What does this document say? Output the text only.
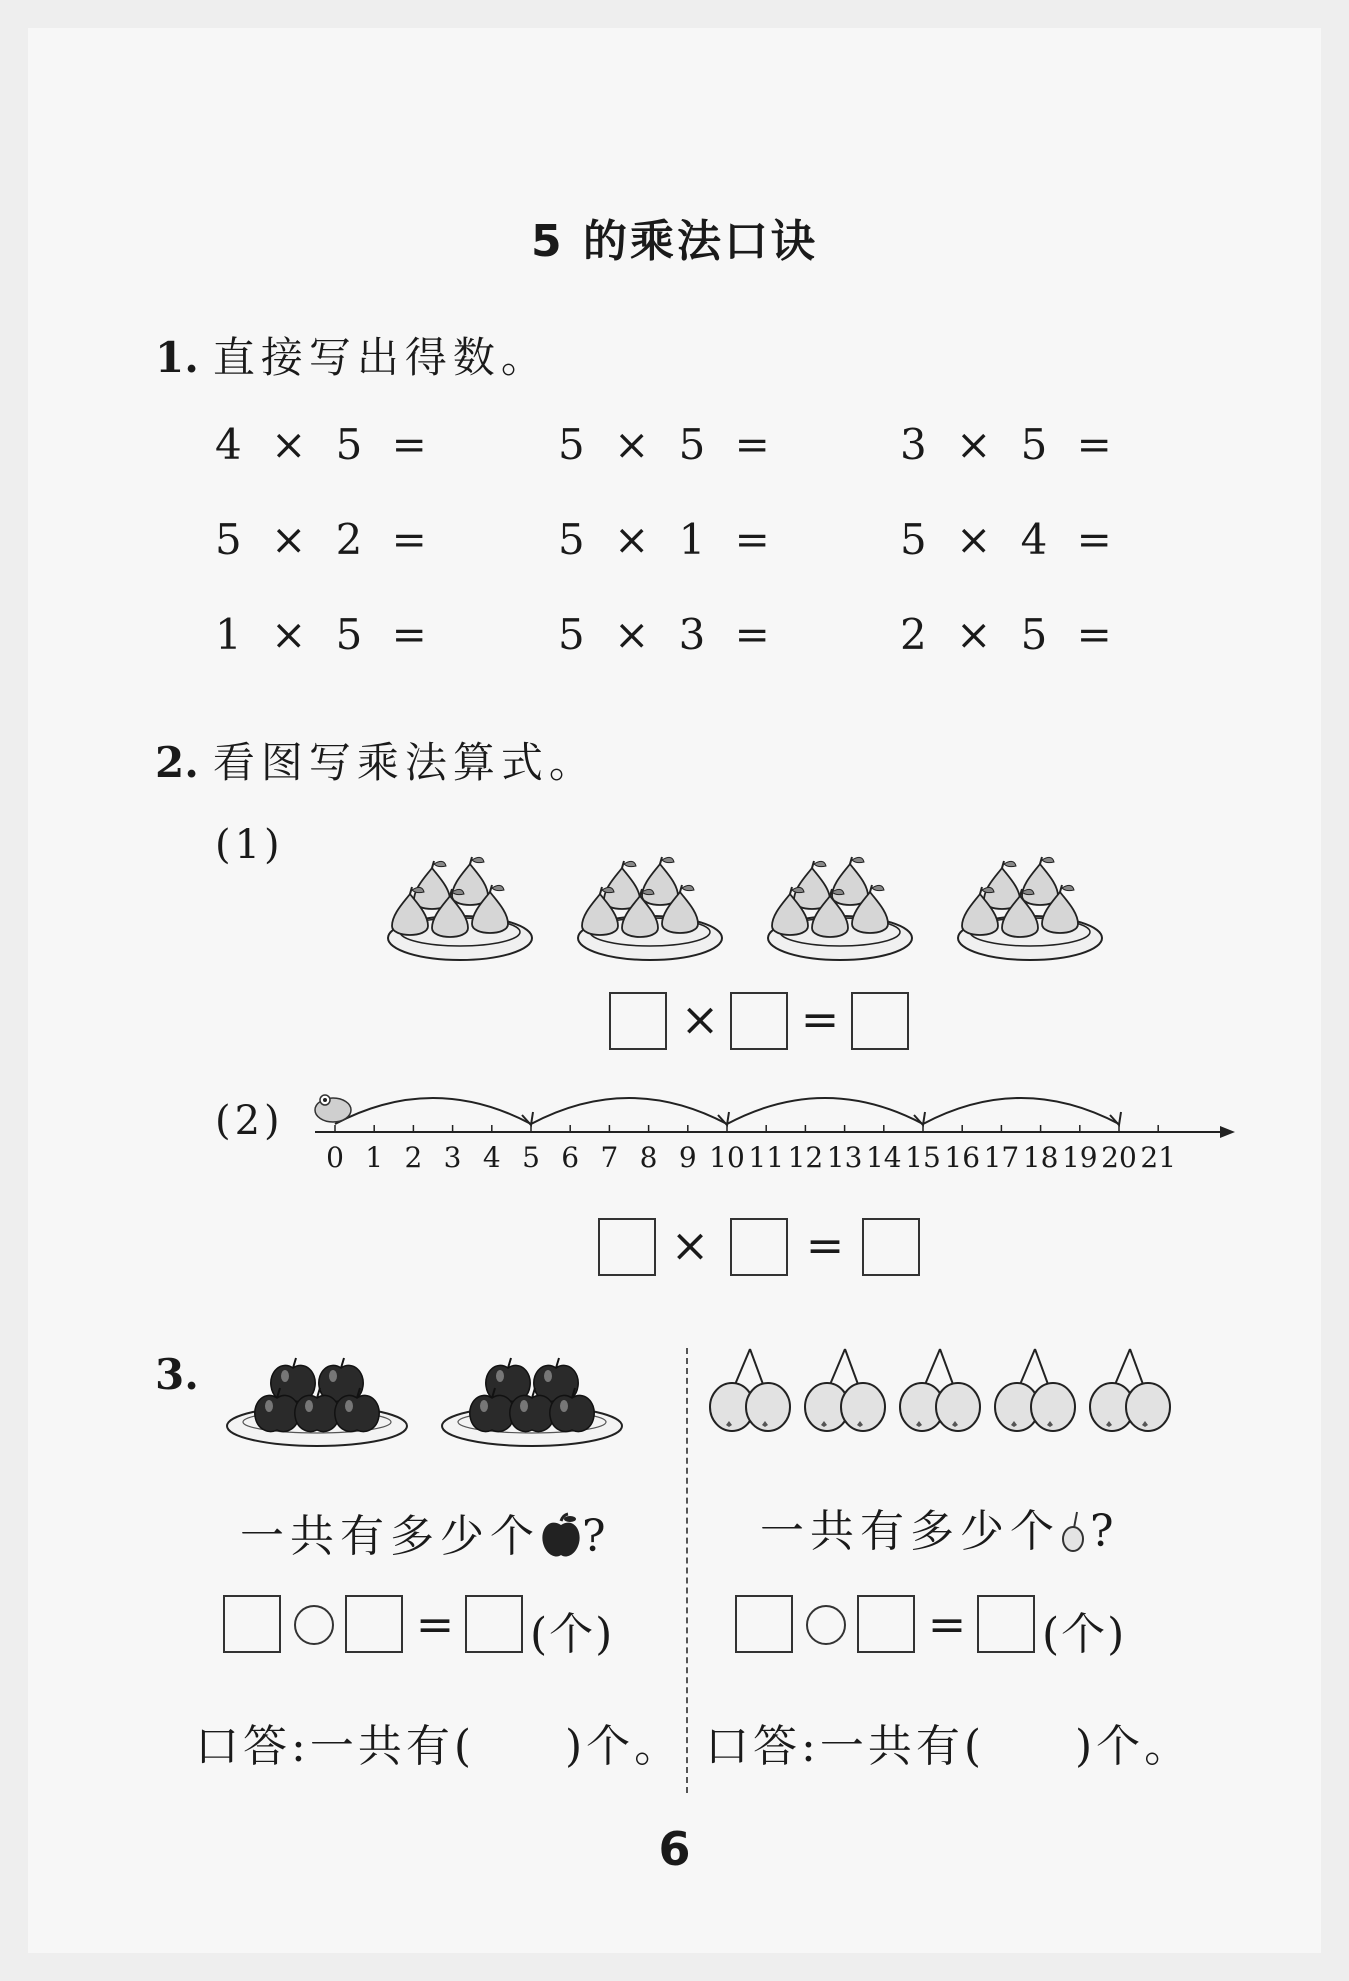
5 的乘法口诀
1. 直接写出得数。
4 × 5 =	5 × 5 =	3 × 5 =
5 × 2 =	5 × 1 =	5 × 4 =
1 × 5 =	5 × 3 =	2 × 5 =
2. 看图写乘法算式。
(1)
× =
(2)
0 1 2 3 4 5 6 7 8 9 10 11 12 13 14 15 16 17 18 19 20 21
× =
3.
一共有多少个 ?	一共有多少个 ?
= (个)	= (个)
口答:一共有( )个。 口答:一共有( )个。
6
